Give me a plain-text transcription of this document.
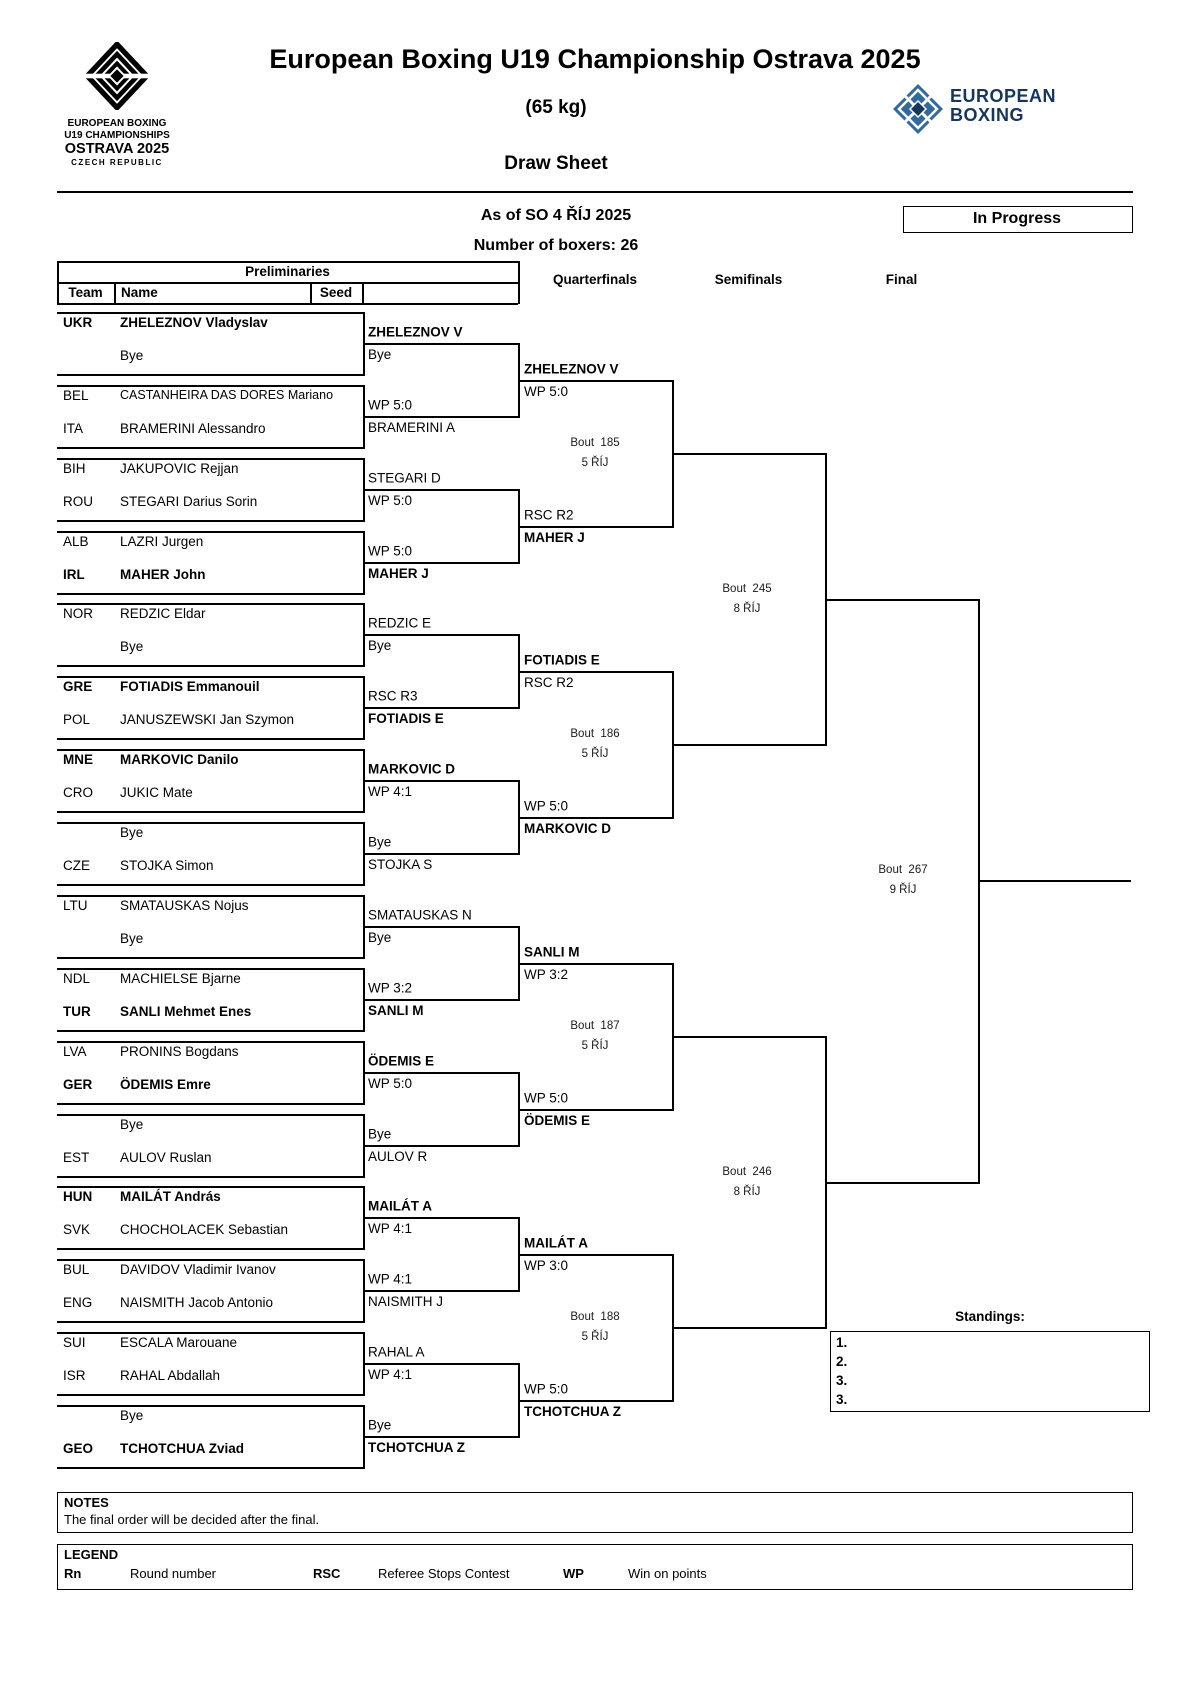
EUROPEAN BOXING
U19 CHAMPIONSHIPS
OSTRAVA 2025
CZECH REPUBLIC
EUROPEAN
BOXING
European Boxing U19 Championship Ostrava 2025
(65 kg)
Draw Sheet
As of SO 4 ŘÍJ 2025
Number of boxers: 26
In Progress
Preliminaries
Team	Name	Seed
Quarterfinals	Semifinals	Final
UKR ZHELEZNOV Vladyslav
Bye
BEL	CASTANHEIRA DAS DORES Mariano
ITA	BRAMERINI Alessandro
BIH	JAKUPOVIC Rejjan
ROU STEGARI Darius Sorin
ALB LAZRI Jurgen
IRL	MAHER John
NOR REDZIC Eldar
Bye
GRE FOTIADIS Emmanouil
POL JANUSZEWSKI Jan Szymon
MNE MARKOVIC Danilo
CRO JUKIC Mate
Bye
CZE STOJKA Simon
LTU SMATAUSKAS Nojus
Bye
NDL MACHIELSE Bjarne
TUR SANLI Mehmet Enes
LVA PRONINS Bogdans
GER ÖDEMIS Emre
Bye
EST AULOV Ruslan
HUN MAILÁT András
SVK CHOCHOLACEK Sebastian
BUL DAVIDOV Vladimir Ivanov
ENG NAISMITH Jacob Antonio
SUI	ESCALA Marouane
ISR	RAHAL Abdallah
Bye
GEO TCHOTCHUA Zviad
ZHELEZNOV V
Bye
WP 5:0
BRAMERINI A
STEGARI D
WP 5:0
WP 5:0
MAHER J
REDZIC E
Bye
RSC R3
FOTIADIS E
MARKOVIC D
WP 4:1
Bye
STOJKA S
SMATAUSKAS N
Bye
WP 3:2
SANLI M
ÖDEMIS E
WP 5:0
Bye
AULOV R
MAILÁT A
WP 4:1
WP 4:1
NAISMITH J
RAHAL A
WP 4:1
Bye
TCHOTCHUA Z
ZHELEZNOV V
WP 5:0
RSC R2
MAHER J
FOTIADIS E
RSC R2
WP 5:0
MARKOVIC D
SANLI M
WP 3:2
WP 5:0
ÖDEMIS E
MAILÁT A
WP 3:0
WP 5:0
TCHOTCHUA Z
Bout  185
5 ŘÍJ
Bout  186
5 ŘÍJ
Bout  187
5 ŘÍJ
Bout  188
5 ŘÍJ
Bout  245
8 ŘÍJ
Bout  246
8 ŘÍJ
Bout  267
9 ŘÍJ
Standings:
1.
2.
3.
3.
NOTES
The final order will be decided after the final.
LEGEND
Rn	Round number	RSC	Referee Stops Contest	WP	Win on points
